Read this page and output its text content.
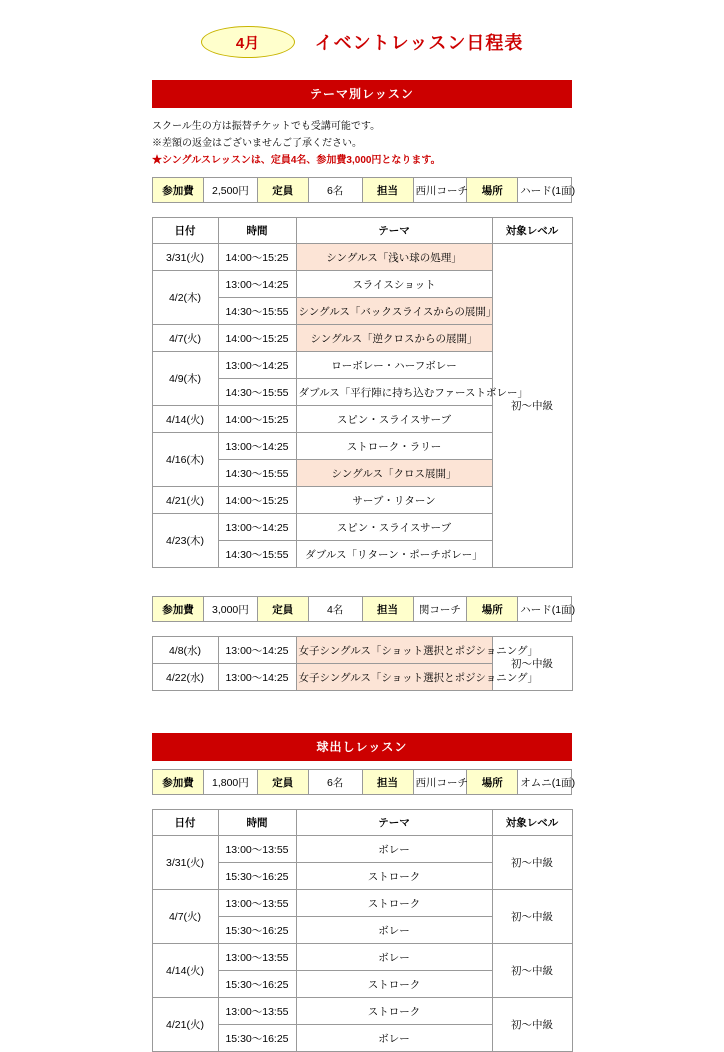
4月	イベントレッスン日程表
テーマ別レッスン
スクール生の方は振替チケットでも受講可能です。
※差額の返金はございませんご了承ください。
★シングルスレッスンは、定員4名、参加費3,000円となります。
参加費	2,500円	定員	6名	担当	西川コーチ	場所	ハード(1面)
日付	時間	テーマ	対象レベル
3/31(火)	14:00～15:25	シングルス「浅い球の処理」	初～中級
4/2(木)	13:00～14:25	スライスショット	
	14:30～15:55	シングルス「バックスライスからの展開」	
4/7(火)	14:00～15:25	シングルス「逆クロスからの展開」	
4/9(木)	13:00～14:25	ローボレー・ハーフボレー	
	14:30～15:55	ダブルス「平行陣に持ち込むファーストボレー」	
4/14(火)	14:00～15:25	スピン・スライスサーブ	
4/16(木)	13:00～14:25	ストローク・ラリー	
	14:30～15:55	シングルス「クロス展開」	
4/21(火)	14:00～15:25	サーブ・リターン	
4/23(木)	13:00～14:25	スピン・スライスサーブ	
	14:30～15:55	ダブルス「リターン・ポーチボレー」	
参加費	3,000円	定員	4名	担当	関コーチ	場所	ハード(1面)
4/8(水)	13:00～14:25	女子シングルス「ショット選択とポジショニング」	初～中級
4/22(水)	13:00～14:25	女子シングルス「ショット選択とポジショニング」	
球出しレッスン
参加費	1,800円	定員	6名	担当	西川コーチ	場所	オムニ(1面)
日付	時間	テーマ	対象レベル
3/31(火)	13:00～13:55	ボレー	初～中級
	15:30～16:25	ストローク	
4/7(火)	13:00～13:55	ストローク	初～中級
	15:30～16:25	ボレー	
4/14(火)	13:00～13:55	ボレー	初～中級
	15:30～16:25	ストローク	
4/21(火)	13:00～13:55	ストローク	初～中級
	15:30～16:25	ボレー	
